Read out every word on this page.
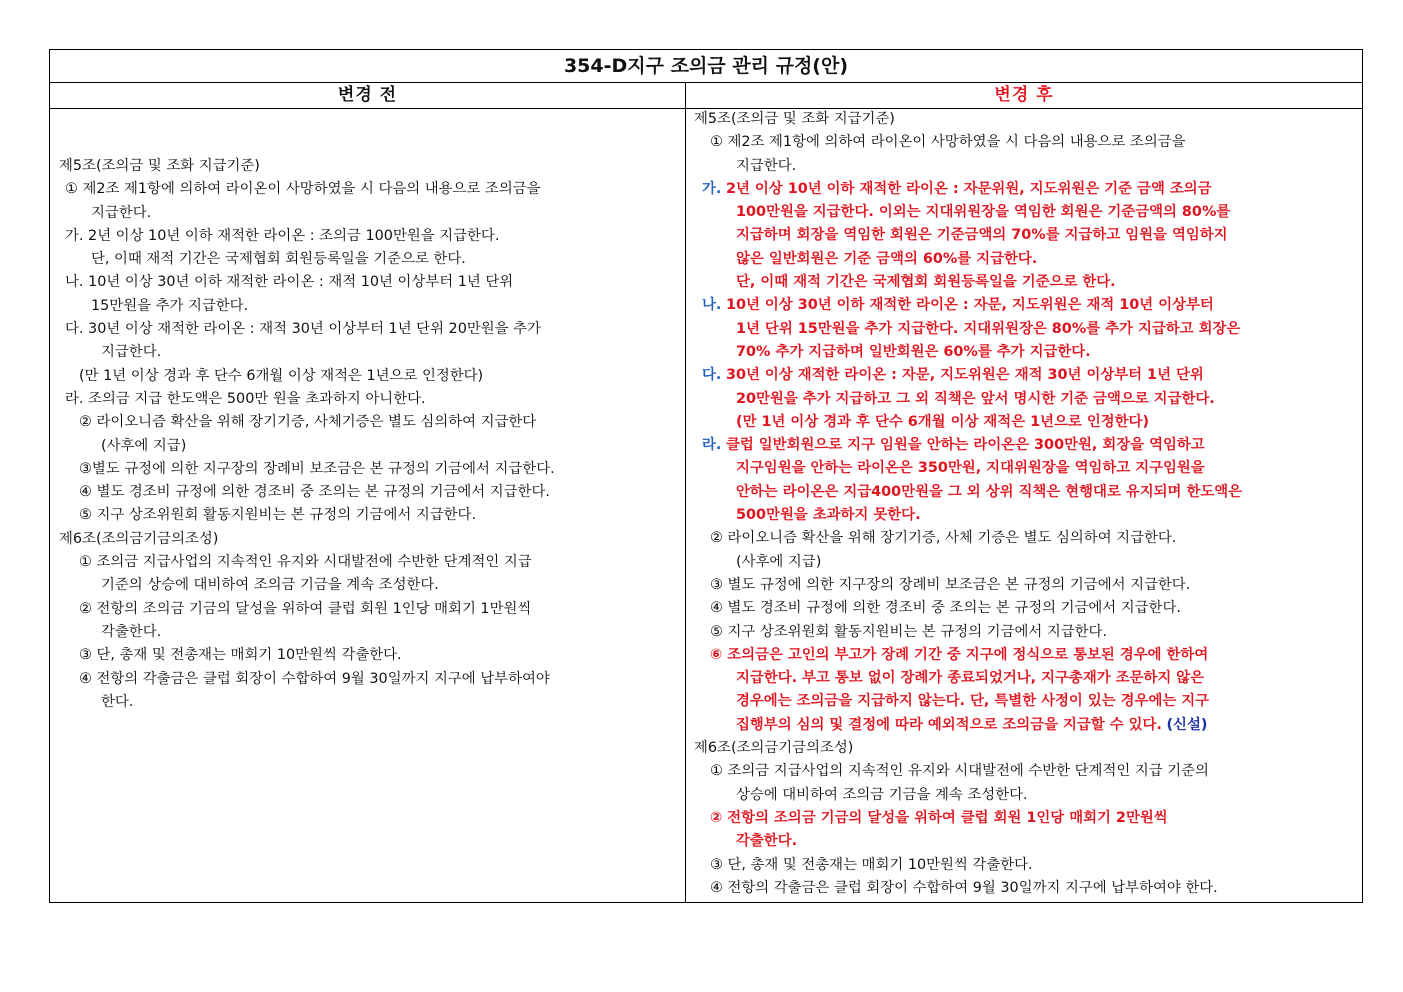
354-D지구 조의금 관리 규정(안)
변경 전	변경 후
제5조(조의금 및 조화 지급기준)
① 제2조 제1항에 의하여 라이온이 사망하였을 시 다음의 내용으로 조의금을
지급한다.
가. 2년 이상 10년 이하 재적한 라이온 : 조의금 100만원을 지급한다.
단, 이때 재적 기간은 국제협회 회원등록일을 기준으로 한다.
나. 10년 이상 30년 이하 재적한 라이온 : 재적 10년 이상부터 1년 단위
15만원을 추가 지급한다.
다. 30년 이상 재적한 라이온 : 재적 30년 이상부터 1년 단위 20만원을 추가
지급한다.
(만 1년 이상 경과 후 단수 6개월 이상 재적은 1년으로 인정한다)
라. 조의금 지급 한도액은 500만 원을 초과하지 아니한다.
② 라이오니즘 확산을 위해 장기기증, 사체기증은 별도 심의하여 지급한다
(사후에 지급)
③별도 규정에 의한 지구장의 장례비 보조금은 본 규정의 기금에서 지급한다.
④ 별도 경조비 규정에 의한 경조비 중 조의는 본 규정의 기금에서 지급한다.
⑤ 지구 상조위원회 활동지원비는 본 규정의 기금에서 지급한다.
제6조(조의금기금의조성)
① 조의금 지급사업의 지속적인 유지와 시대발전에 수반한 단계적인 지급
기준의 상승에 대비하여 조의금 기금을 계속 조성한다.
② 전항의 조의금 기금의 달성을 위하여 클럽 회원 1인당 매회기 1만원씩
각출한다.
③ 단, 총재 및 전총재는 매회기 10만원씩 각출한다.
④ 전항의 각출금은 클럽 회장이 수합하여 9월 30일까지 지구에 납부하여야
한다.
제5조(조의금 및 조화 지급기준)
① 제2조 제1항에 의하여 라이온이 사망하였을 시 다음의 내용으로 조의금을
지급한다.
가. 2년 이상 10년 이하 재적한 라이온 : 자문위원, 지도위원은 기준 금액 조의금
100만원을 지급한다. 이외는 지대위원장을 역임한 회원은 기준금액의 80%를
지급하며 회장을 역임한 회원은 기준금액의 70%를 지급하고 임원을 역임하지
않은 일반회원은 기준 금액의 60%를 지급한다.
단, 이때 재적 기간은 국제협회 회원등록일을 기준으로 한다.
나. 10년 이상 30년 이하 재적한 라이온 : 자문, 지도위원은 재적 10년 이상부터
1년 단위 15만원을 추가 지급한다. 지대위원장은 80%를 추가 지급하고 회장은
70% 추가 지급하며 일반회원은 60%를 추가 지급한다.
다. 30년 이상 재적한 라이온 : 자문, 지도위원은 재적 30년 이상부터 1년 단위
20만원을 추가 지급하고 그 외 직책은 앞서 명시한 기준 금액으로 지급한다.
(만 1년 이상 경과 후 단수 6개월 이상 재적은 1년으로 인정한다)
라. 클럽 일반회원으로 지구 임원을 안하는 라이온은 300만원, 회장을 역임하고
지구임원을 안하는 라이온은 350만원, 지대위원장을 역임하고 지구임원을
안하는 라이온은 지급400만원을 그 외 상위 직책은 현행대로 유지되며 한도액은
500만원을 초과하지 못한다.
② 라이오니즘 확산을 위해 장기기증, 사체 기증은 별도 심의하여 지급한다.
(사후에 지급)
③ 별도 규정에 의한 지구장의 장례비 보조금은 본 규정의 기금에서 지급한다.
④ 별도 경조비 규정에 의한 경조비 중 조의는 본 규정의 기금에서 지급한다.
⑤ 지구 상조위원회 활동지원비는 본 규정의 기금에서 지급한다.
⑥ 조의금은 고인의 부고가 장례 기간 중 지구에 정식으로 통보된 경우에 한하여
지급한다. 부고 통보 없이 장례가 종료되었거나, 지구총재가 조문하지 않은
경우에는 조의금을 지급하지 않는다. 단, 특별한 사정이 있는 경우에는 지구
집행부의 심의 및 결정에 따라 예외적으로 조의금을 지급할 수 있다. (신설)
제6조(조의금기금의조성)
① 조의금 지급사업의 지속적인 유지와 시대발전에 수반한 단계적인 지급 기준의
상승에 대비하여 조의금 기금을 계속 조성한다.
② 전항의 조의금 기금의 달성을 위하여 클럽 회원 1인당 매회기 2만원씩
각출한다.
③ 단, 총재 및 전총재는 매회기 10만원씩 각출한다.
④ 전항의 각출금은 클럽 회장이 수합하여 9월 30일까지 지구에 납부하여야 한다.
